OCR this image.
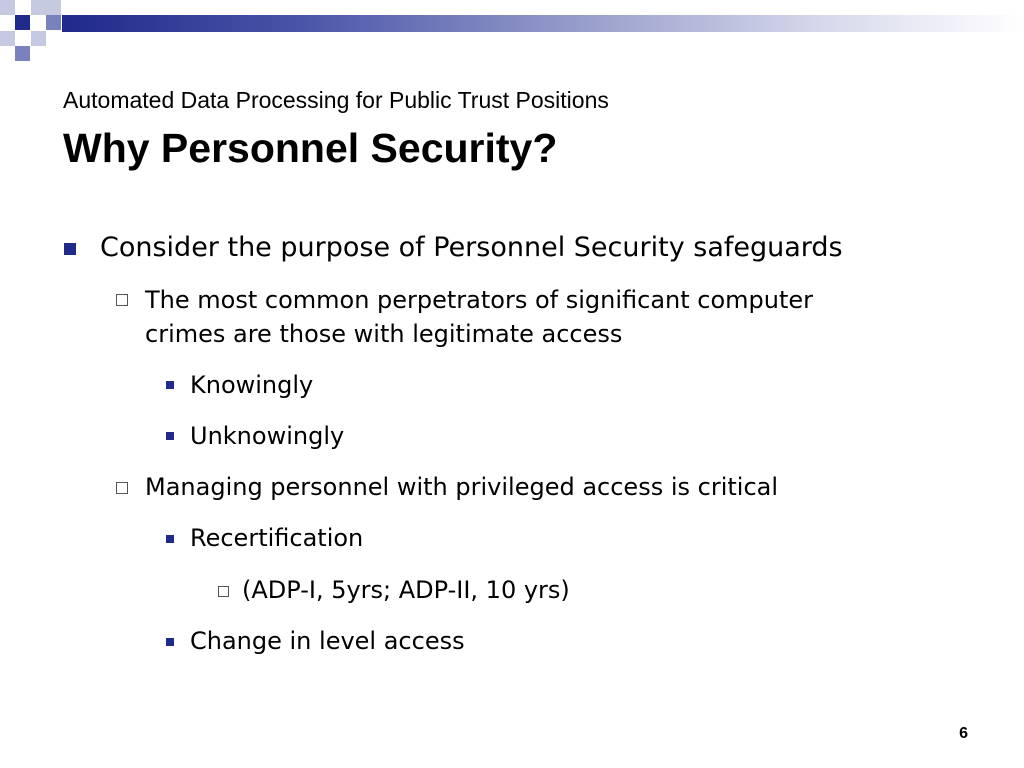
Automated Data Processing for Public Trust Positions
Why Personnel Security?
Consider the purpose of Personnel Security safeguards
The most common perpetrators of significant computer
crimes are those with legitimate access
Knowingly
Unknowingly
Managing personnel with privileged access is critical
Recertification
(ADP-I, 5yrs; ADP-II, 10 yrs)
Change in level access
6
